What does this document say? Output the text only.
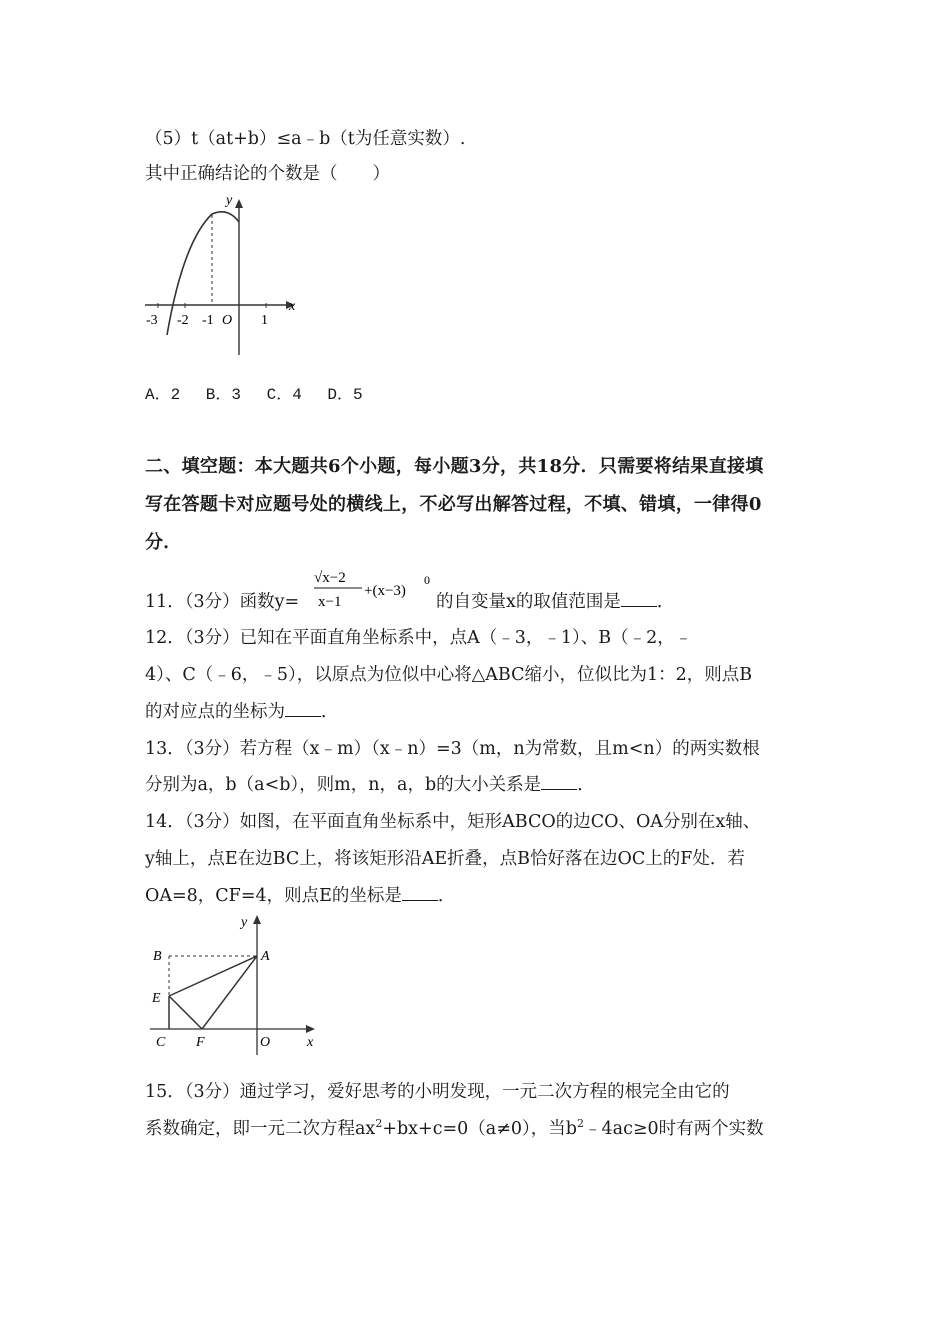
（5）t（at+b）≤a﹣b（t为任意实数）.
其中正确结论的个数是（　　）
y
x
-3 -2 -1 O 1
A．2　 B．3　 C．4　 D．5
二、填空题：本大题共6个小题，每小题3分，共18分．只需要将结果直接填
写在答题卡对应题号处的横线上，不必写出解答过程，不填、错填，一律得0
分．
11．（3分）函数y=
√x−2
x−1
+(x−3)
0
的自变量x的取值范围是 ．
12．（3分）已知在平面直角坐标系中，点A（﹣3，﹣1）、B（﹣2，﹣
4）、C（﹣6，﹣5），以原点为位似中心将△ABC缩小，位似比为1：2，则点B
的对应点的坐标为 ．
13．（3分）若方程（x﹣m）（x﹣n）=3（m，n为常数，且m<n）的两实数根
分别为a，b（a<b），则m，n，a，b的大小关系是 ．
14．（3分）如图，在平面直角坐标系中，矩形ABCO的边CO、OA分别在x轴、
y轴上，点E在边BC上，将该矩形沿AE折叠，点B恰好落在边OC上的F处．若
OA=8，CF=4，则点E的坐标是 ．
y
x
B	A
E
C F	O
15．（3分）通过学习，爱好思考的小明发现，一元二次方程的根完全由它的
系数确定，即一元二次方程$ax^2+bx+c=0(a\ne 0)$，当$b^2﹣4ac\ge 0$时有两个实数
